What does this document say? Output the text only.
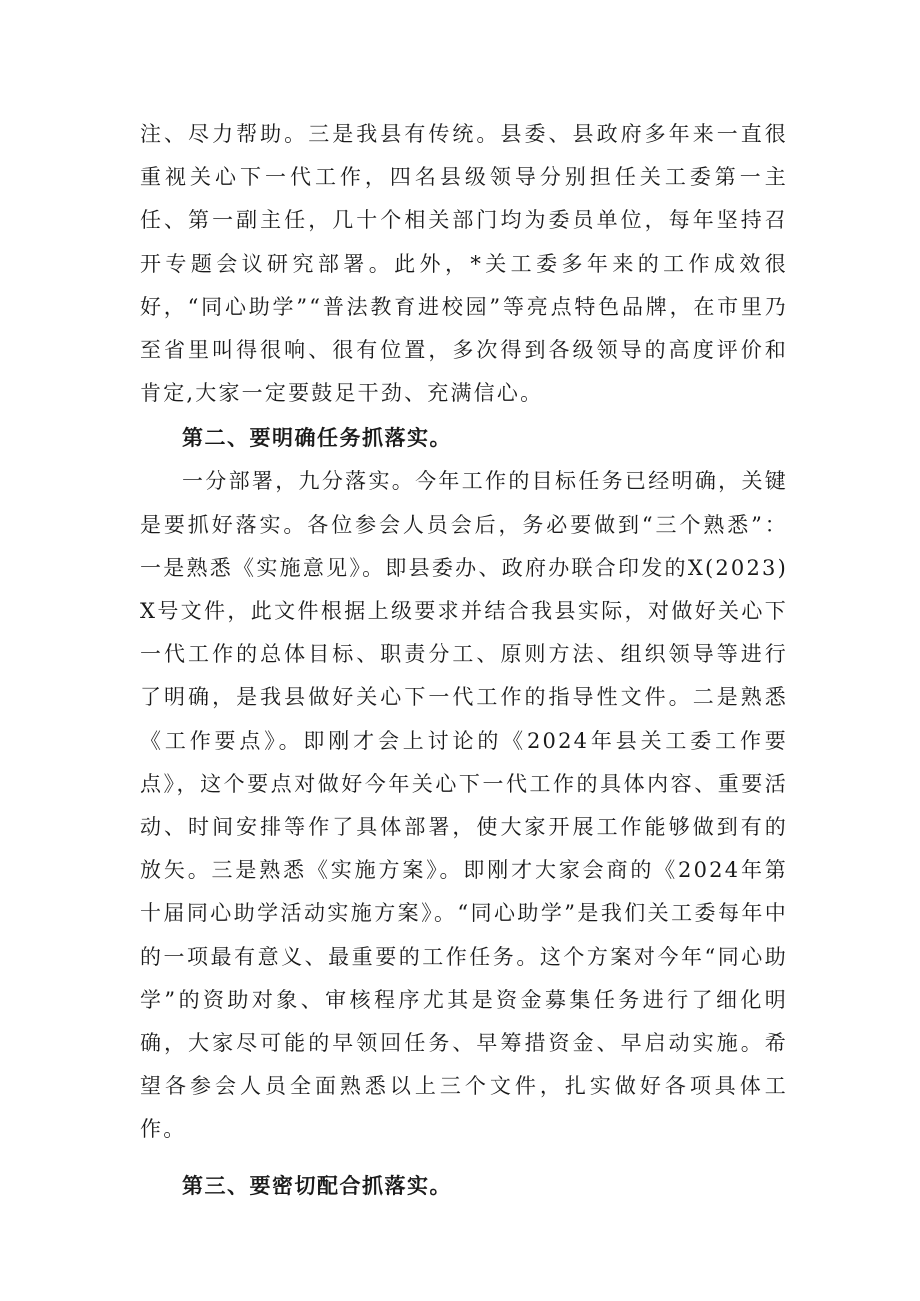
注、尽力帮助。三是我县有传统。县委、县政府多年来一直很重视关心下一代工作，四名县级领导分别担任关工委第一主任、第一副主任，几十个相关部门均为委员单位，每年坚持召开专题会议研究部署。此外，*关工委多年来的工作成效很好，“同心助学”“普法教育进校园”等亮点特色品牌，在市里乃至省里叫得很响、很有位置，多次得到各级领导的高度评价和肯定,大家一定要鼓足干劲、充满信心。

第二、要明确任务抓落实。

一分部署，九分落实。今年工作的目标任务已经明确，关键是要抓好落实。各位参会人员会后，务必要做到“三个熟悉”：一是熟悉《实施意见》。即县委办、政府办联合印发的X(2023)X号文件，此文件根据上级要求并结合我县实际，对做好关心下一代工作的总体目标、职责分工、原则方法、组织领导等进行了明确，是我县做好关心下一代工作的指导性文件。二是熟悉《工作要点》。即刚才会上讨论的《2024年县关工委工作要点》，这个要点对做好今年关心下一代工作的具体内容、重要活动、时间安排等作了具体部署，使大家开展工作能够做到有的放矢。三是熟悉《实施方案》。即刚才大家会商的《2024年第十届同心助学活动实施方案》。“同心助学”是我们关工委每年中的一项最有意义、最重要的工作任务。这个方案对今年“同心助学”的资助对象、审核程序尤其是资金募集任务进行了细化明确，大家尽可能的早领回任务、早筹措资金、早启动实施。希望各参会人员全面熟悉以上三个文件，扎实做好各项具体工作。

第三、要密切配合抓落实。
